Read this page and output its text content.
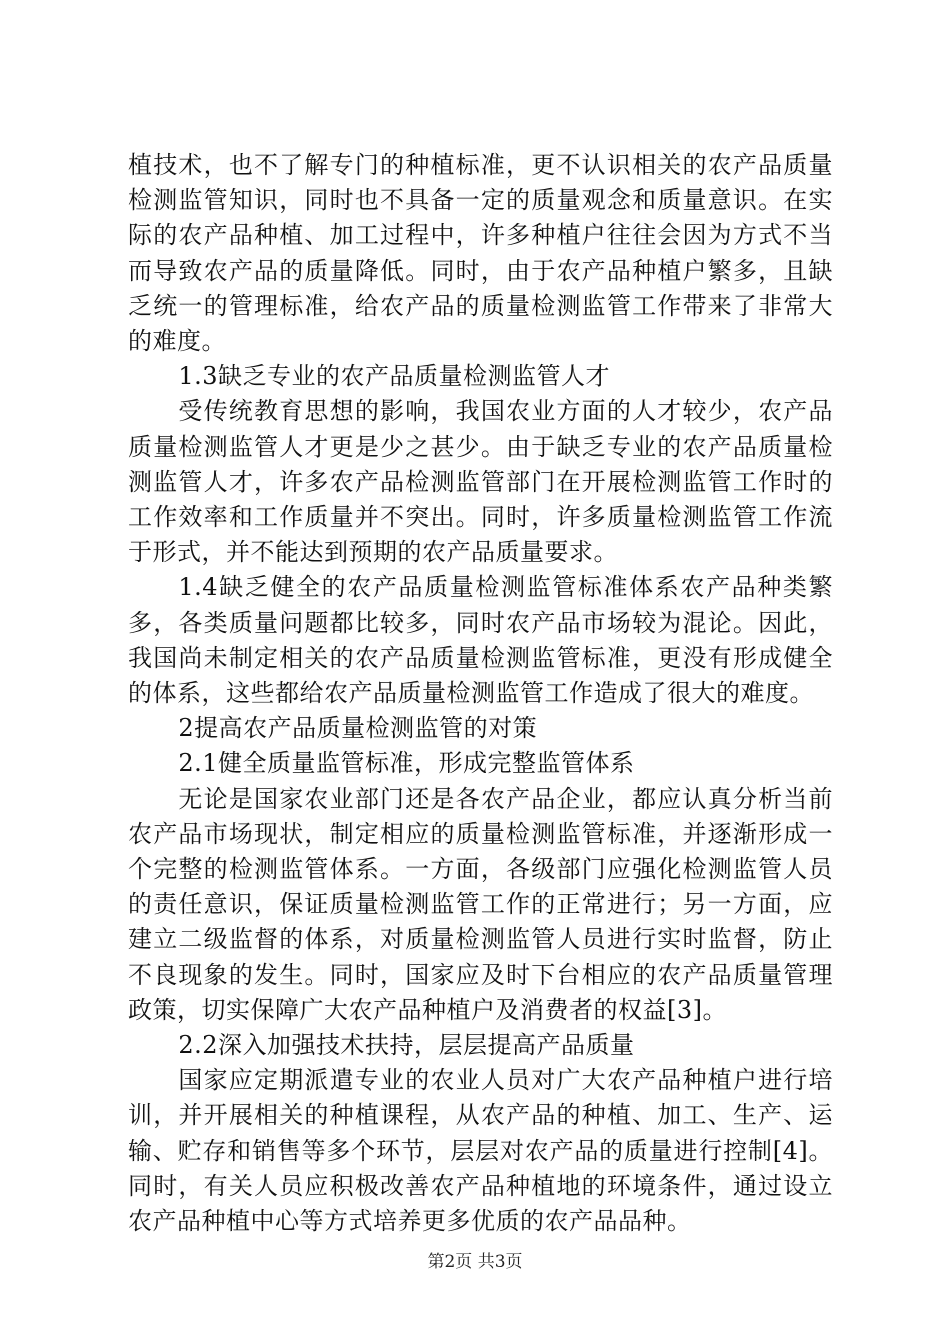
植技术，也不了解专门的种植标准，更不认识相关的农产品质量检测监管知识，同时也不具备一定的质量观念和质量意识。在实际的农产品种植、加工过程中，许多种植户往往会因为方式不当而导致农产品的质量降低。同时，由于农产品种植户繁多，且缺乏统一的管理标准，给农产品的质量检测监管工作带来了非常大的难度。

1.3缺乏专业的农产品质量检测监管人才

受传统教育思想的影响，我国农业方面的人才较少，农产品质量检测监管人才更是少之甚少。由于缺乏专业的农产品质量检测监管人才，许多农产品检测监管部门在开展检测监管工作时的工作效率和工作质量并不突出。同时，许多质量检测监管工作流于形式，并不能达到预期的农产品质量要求。

1.4缺乏健全的农产品质量检测监管标准体系农产品种类繁多，各类质量问题都比较多，同时农产品市场较为混论。因此，我国尚未制定相关的农产品质量检测监管标准，更没有形成健全的体系，这些都给农产品质量检测监管工作造成了很大的难度。

2提高农产品质量检测监管的对策

2.1健全质量监管标准，形成完整监管体系

无论是国家农业部门还是各农产品企业，都应认真分析当前农产品市场现状，制定相应的质量检测监管标准，并逐渐形成一个完整的检测监管体系。一方面，各级部门应强化检测监管人员的责任意识，保证质量检测监管工作的正常进行；另一方面，应建立二级监督的体系，对质量检测监管人员进行实时监督，防止不良现象的发生。同时，国家应及时下台相应的农产品质量管理政策，切实保障广大农产品种植户及消费者的权益[3]。

2.2深入加强技术扶持，层层提高产品质量

国家应定期派遣专业的农业人员对广大农产品种植户进行培训，并开展相关的种植课程，从农产品的种植、加工、生产、运输、贮存和销售等多个环节，层层对农产品的质量进行控制[4]。同时，有关人员应积极改善农产品种植地的环境条件，通过设立农产品种植中心等方式培养更多优质的农产品品种。

第2页 共3页
